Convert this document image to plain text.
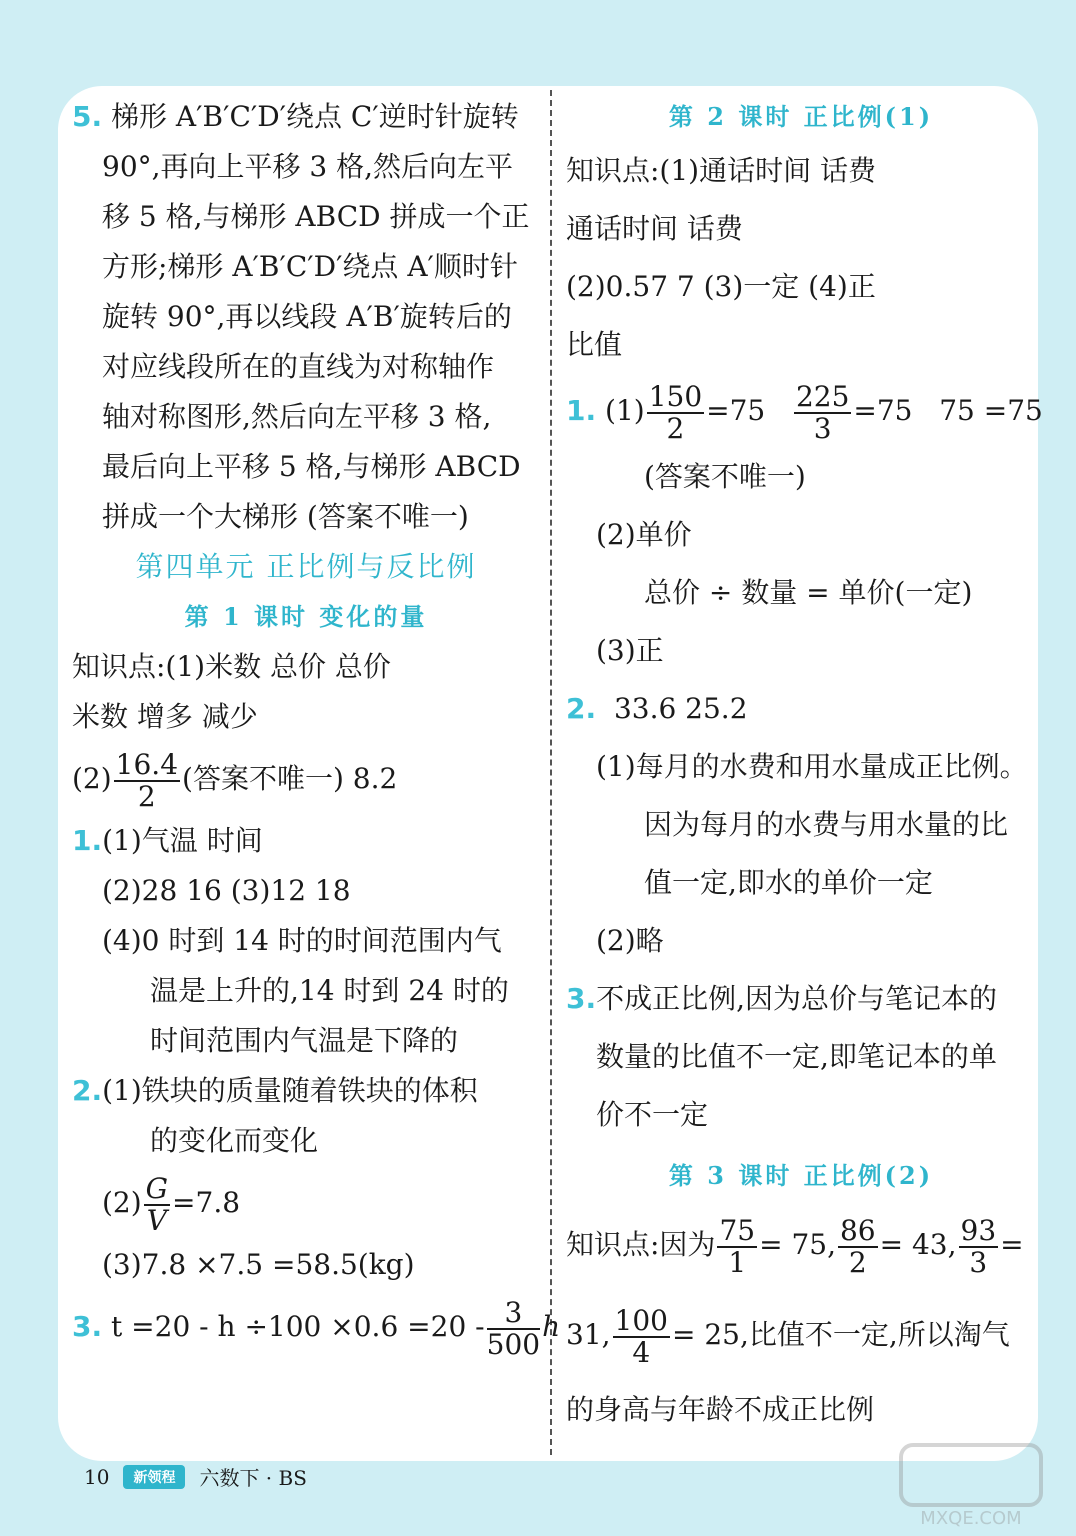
5. 梯形 A′B′C′D′绕点 C′逆时针旋转
90°,再向上平移 3 格,然后向左平
移 5 格,与梯形 ABCD 拼成一个正
方形;梯形 A′B′C′D′绕点 A′顺时针
旋转 90°,再以线段 A′B′旋转后的
对应线段所在的直线为对称轴作
轴对称图形,然后向左平移 3 格,
最后向上平移 5 格,与梯形 ABCD
拼成一个大梯形 (答案不唯一)
第四单元 正比例与反比例
第 1 课时 变化的量
知识点:(1)米数 总价 总价
米数 增多 减少
$(2) \frac{16.4}{2}$ (答案不唯一) 8.2
1.(1)气温 时间
(2)28 16 (3)12 18
(4)0 时到 14 时的时间范围内气
温是上升的,14 时到 24 时的
时间范围内气温是下降的
2.(1)铁块的质量随着铁块的体积
的变化而变化
$(2) \frac{G}{V} =7.8$
(3)7.8 ×7.5 =58.5(kg)
3. $t =20 - h \div 100 \times 0.6 =20 - \frac{3}{500}$ h
第 2 课时 正比例(1)
知识点:(1)通话时间 话费
通话时间 话费
(2)0.57 7 (3)一定 (4)正
比值
1. $(1) \frac{150}{2} =75 \frac{225}{3} =75$ 75 =75
(答案不唯一)
(2)单价
总价 ÷ 数量 = 单价(一定)
(3)正
2. 33.6 25.2
(1)每月的水费和用水量成正比例。
因为每月的水费与用水量的比
值一定,即水的单价一定
(2)略
3.不成正比例,因为总价与笔记本的
数量的比值不一定,即笔记本的单
价不一定
第 3 课时 正比例(2)
知识点:因为 $\frac{75}{1} = 75$, $\frac{86}{2} = 43$, $\frac{93}{3}$ =
31, $\frac{100}{4} = 25$,比值不一定,所以淘气
的身高与年龄不成正比例
10	新领程	六数下 · BS
MXQE.COM
